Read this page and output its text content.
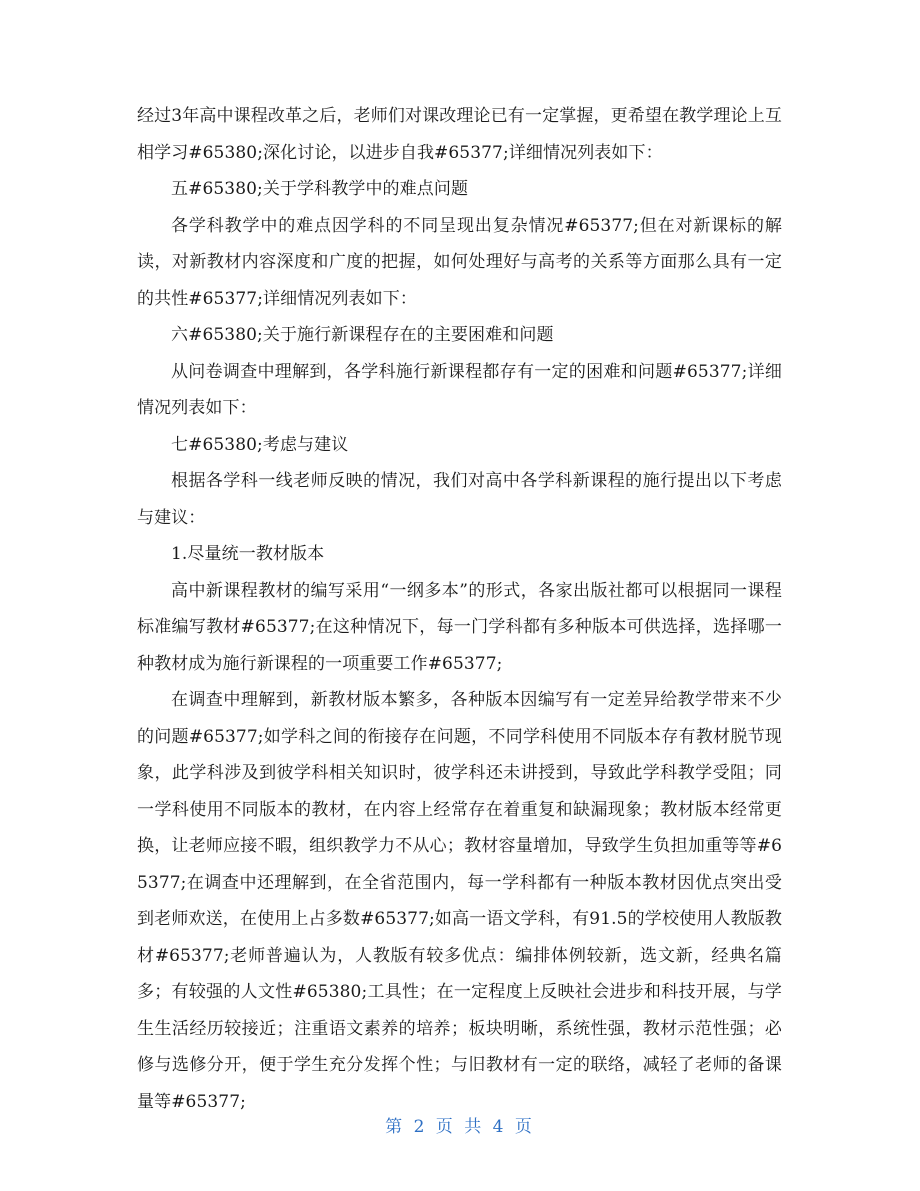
经过3年高中课程改革之后，老师们对课改理论已有一定掌握，更希望在教学理论上互相学习#65380;深化讨论，以进步自我#65377;详细情况列表如下：

五#65380;关于学科教学中的难点问题

各学科教学中的难点因学科的不同呈现出复杂情况#65377;但在对新课标的解读，对新教材内容深度和广度的把握，如何处理好与高考的关系等方面那么具有一定的共性#65377;详细情况列表如下：

六#65380;关于施行新课程存在的主要困难和问题

从问卷调查中理解到，各学科施行新课程都存有一定的困难和问题#65377;详细情况列表如下：

七#65380;考虑与建议

根据各学科一线老师反映的情况，我们对高中各学科新课程的施行提出以下考虑与建议：

1.尽量统一教材版本

高中新课程教材的编写采用“一纲多本”的形式，各家出版社都可以根据同一课程标准编写教材#65377;在这种情况下，每一门学科都有多种版本可供选择，选择哪一种教材成为施行新课程的一项重要工作#65377;

在调查中理解到，新教材版本繁多，各种版本因编写有一定差异给教学带来不少的问题#65377;如学科之间的衔接存在问题，不同学科使用不同版本存有教材脱节现象，此学科涉及到彼学科相关知识时，彼学科还未讲授到，导致此学科教学受阻；同一学科使用不同版本的教材，在内容上经常存在着重复和缺漏现象；教材版本经常更换，让老师应接不暇，组织教学力不从心；教材容量增加，导致学生负担加重等等#65377;在调查中还理解到，在全省范围内，每一学科都有一种版本教材因优点突出受到老师欢送，在使用上占多数#65377;如高一语文学科，有91.5的学校使用人教版教材#65377;老师普遍认为，人教版有较多优点：编排体例较新，选文新，经典名篇多；有较强的人文性#65380;工具性；在一定程度上反映社会进步和科技开展，与学生生活经历较接近；注重语文素养的培养；板块明晰，系统性强，教材示范性强；必修与选修分开，便于学生充分发挥个性；与旧教材有一定的联络，减轻了老师的备课量等#65377;

第 2 页 共 4 页
